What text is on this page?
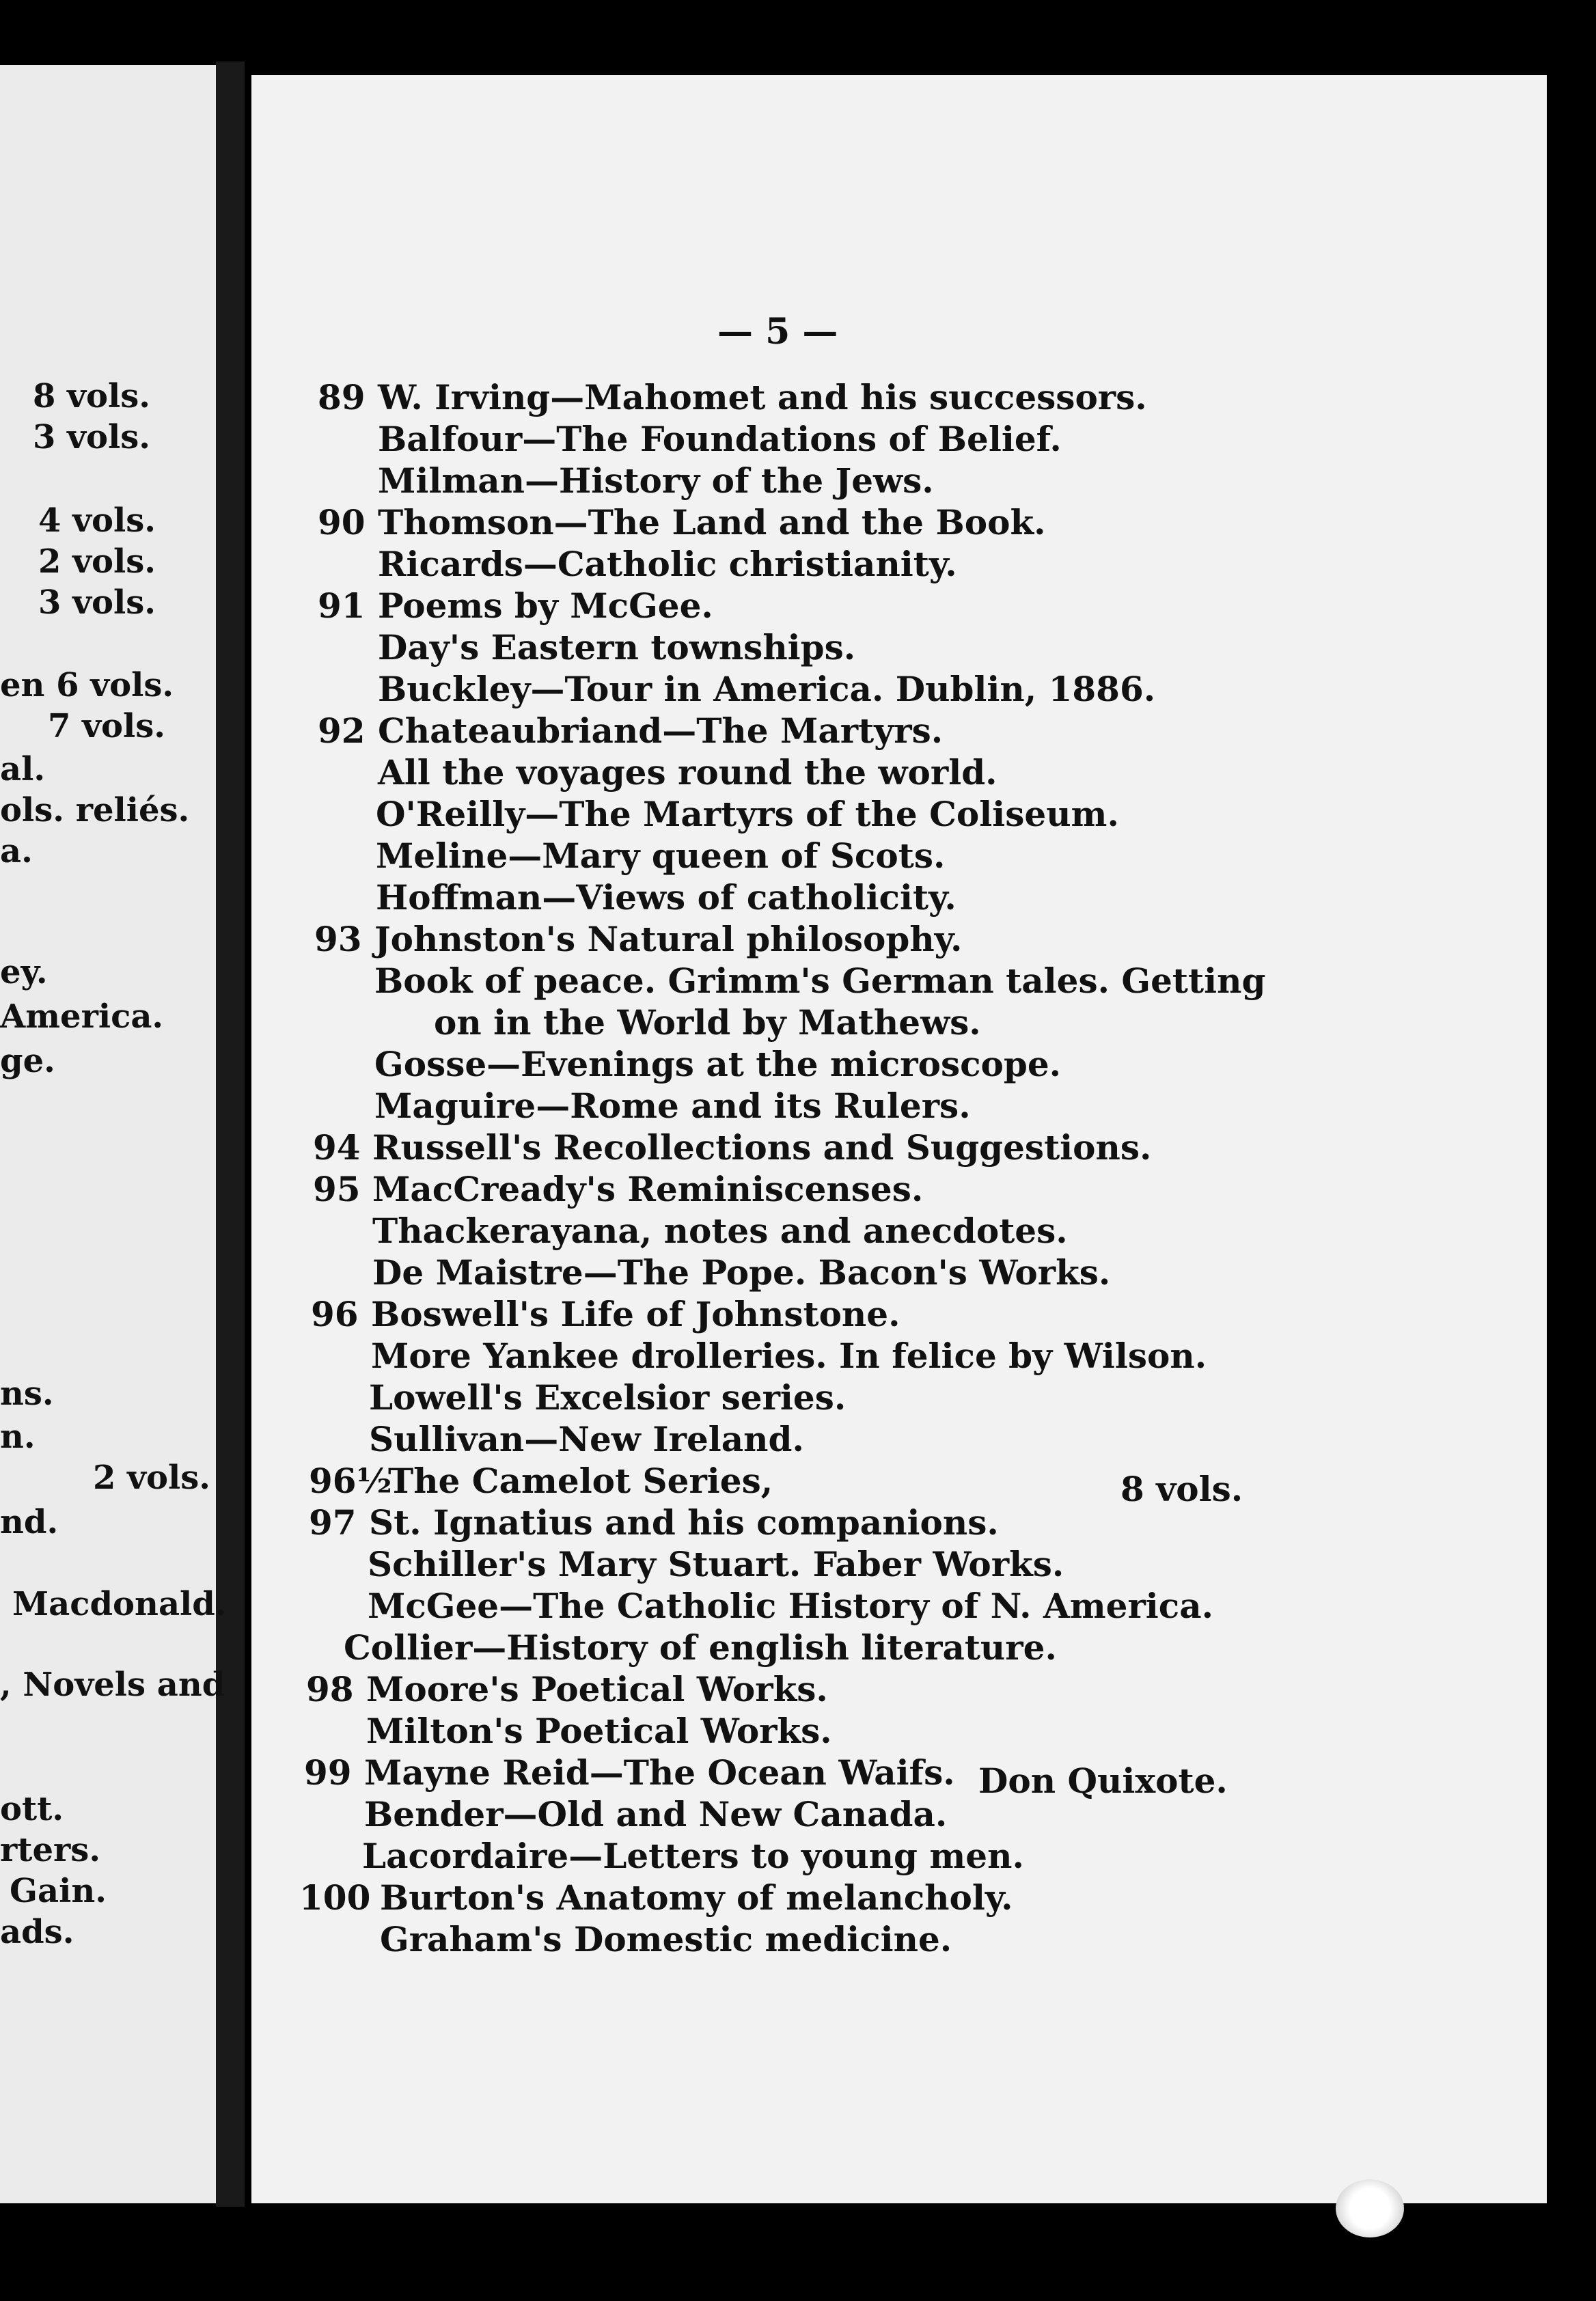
8 vols.
3 vols.
4 vols.
2 vols.
3 vols.
en 6 vols.
7 vols.
al.
ols. reliés.
a.
ey.
America.
ge.
ns.
n.
2 vols.
nd.
Macdonald.
, Novels and
ott.
rters.
Gain.
ads.
— 5 —
89 W. Irving—Mahomet and his successors.
Balfour—The Foundations of Belief.
Milman—History of the Jews.
90 Thomson—The Land and the Book.
Ricards—Catholic christianity.
91 Poems by McGee.
Day's Eastern townships.
Buckley—Tour in America. Dublin, 1886.
92 Chateaubriand—The Martyrs.
All the voyages round the world.
O'Reilly—The Martyrs of the Coliseum.
Meline—Mary queen of Scots.
Hoffman—Views of catholicity.
93 Johnston's Natural philosophy.
Book of peace. Grimm's German tales. Getting
on in the World by Mathews.
Gosse—Evenings at the microscope.
Maguire—Rome and its Rulers.
94 Russell's Recollections and Suggestions.
95 MacCready's Reminiscenses.
Thackerayana, notes and anecdotes.
De Maistre—The Pope. Bacon's Works.
96 Boswell's Life of Johnstone.
More Yankee drolleries. In felice by Wilson.
Lowell's Excelsior series.
Sullivan—New Ireland.
96½
The Camelot Series,	8 vols.
97 St. Ignatius and his companions.
Schiller's Mary Stuart. Faber Works.
McGee—The Catholic History of N. America.
Collier—History of english literature.
98 Moore's Poetical Works.
Milton's Poetical Works.
99 Mayne Reid—The Ocean Waifs. Don Quixote.
Bender—Old and New Canada.
Lacordaire—Letters to young men.
100 Burton's Anatomy of melancholy.
Graham's Domestic medicine.
